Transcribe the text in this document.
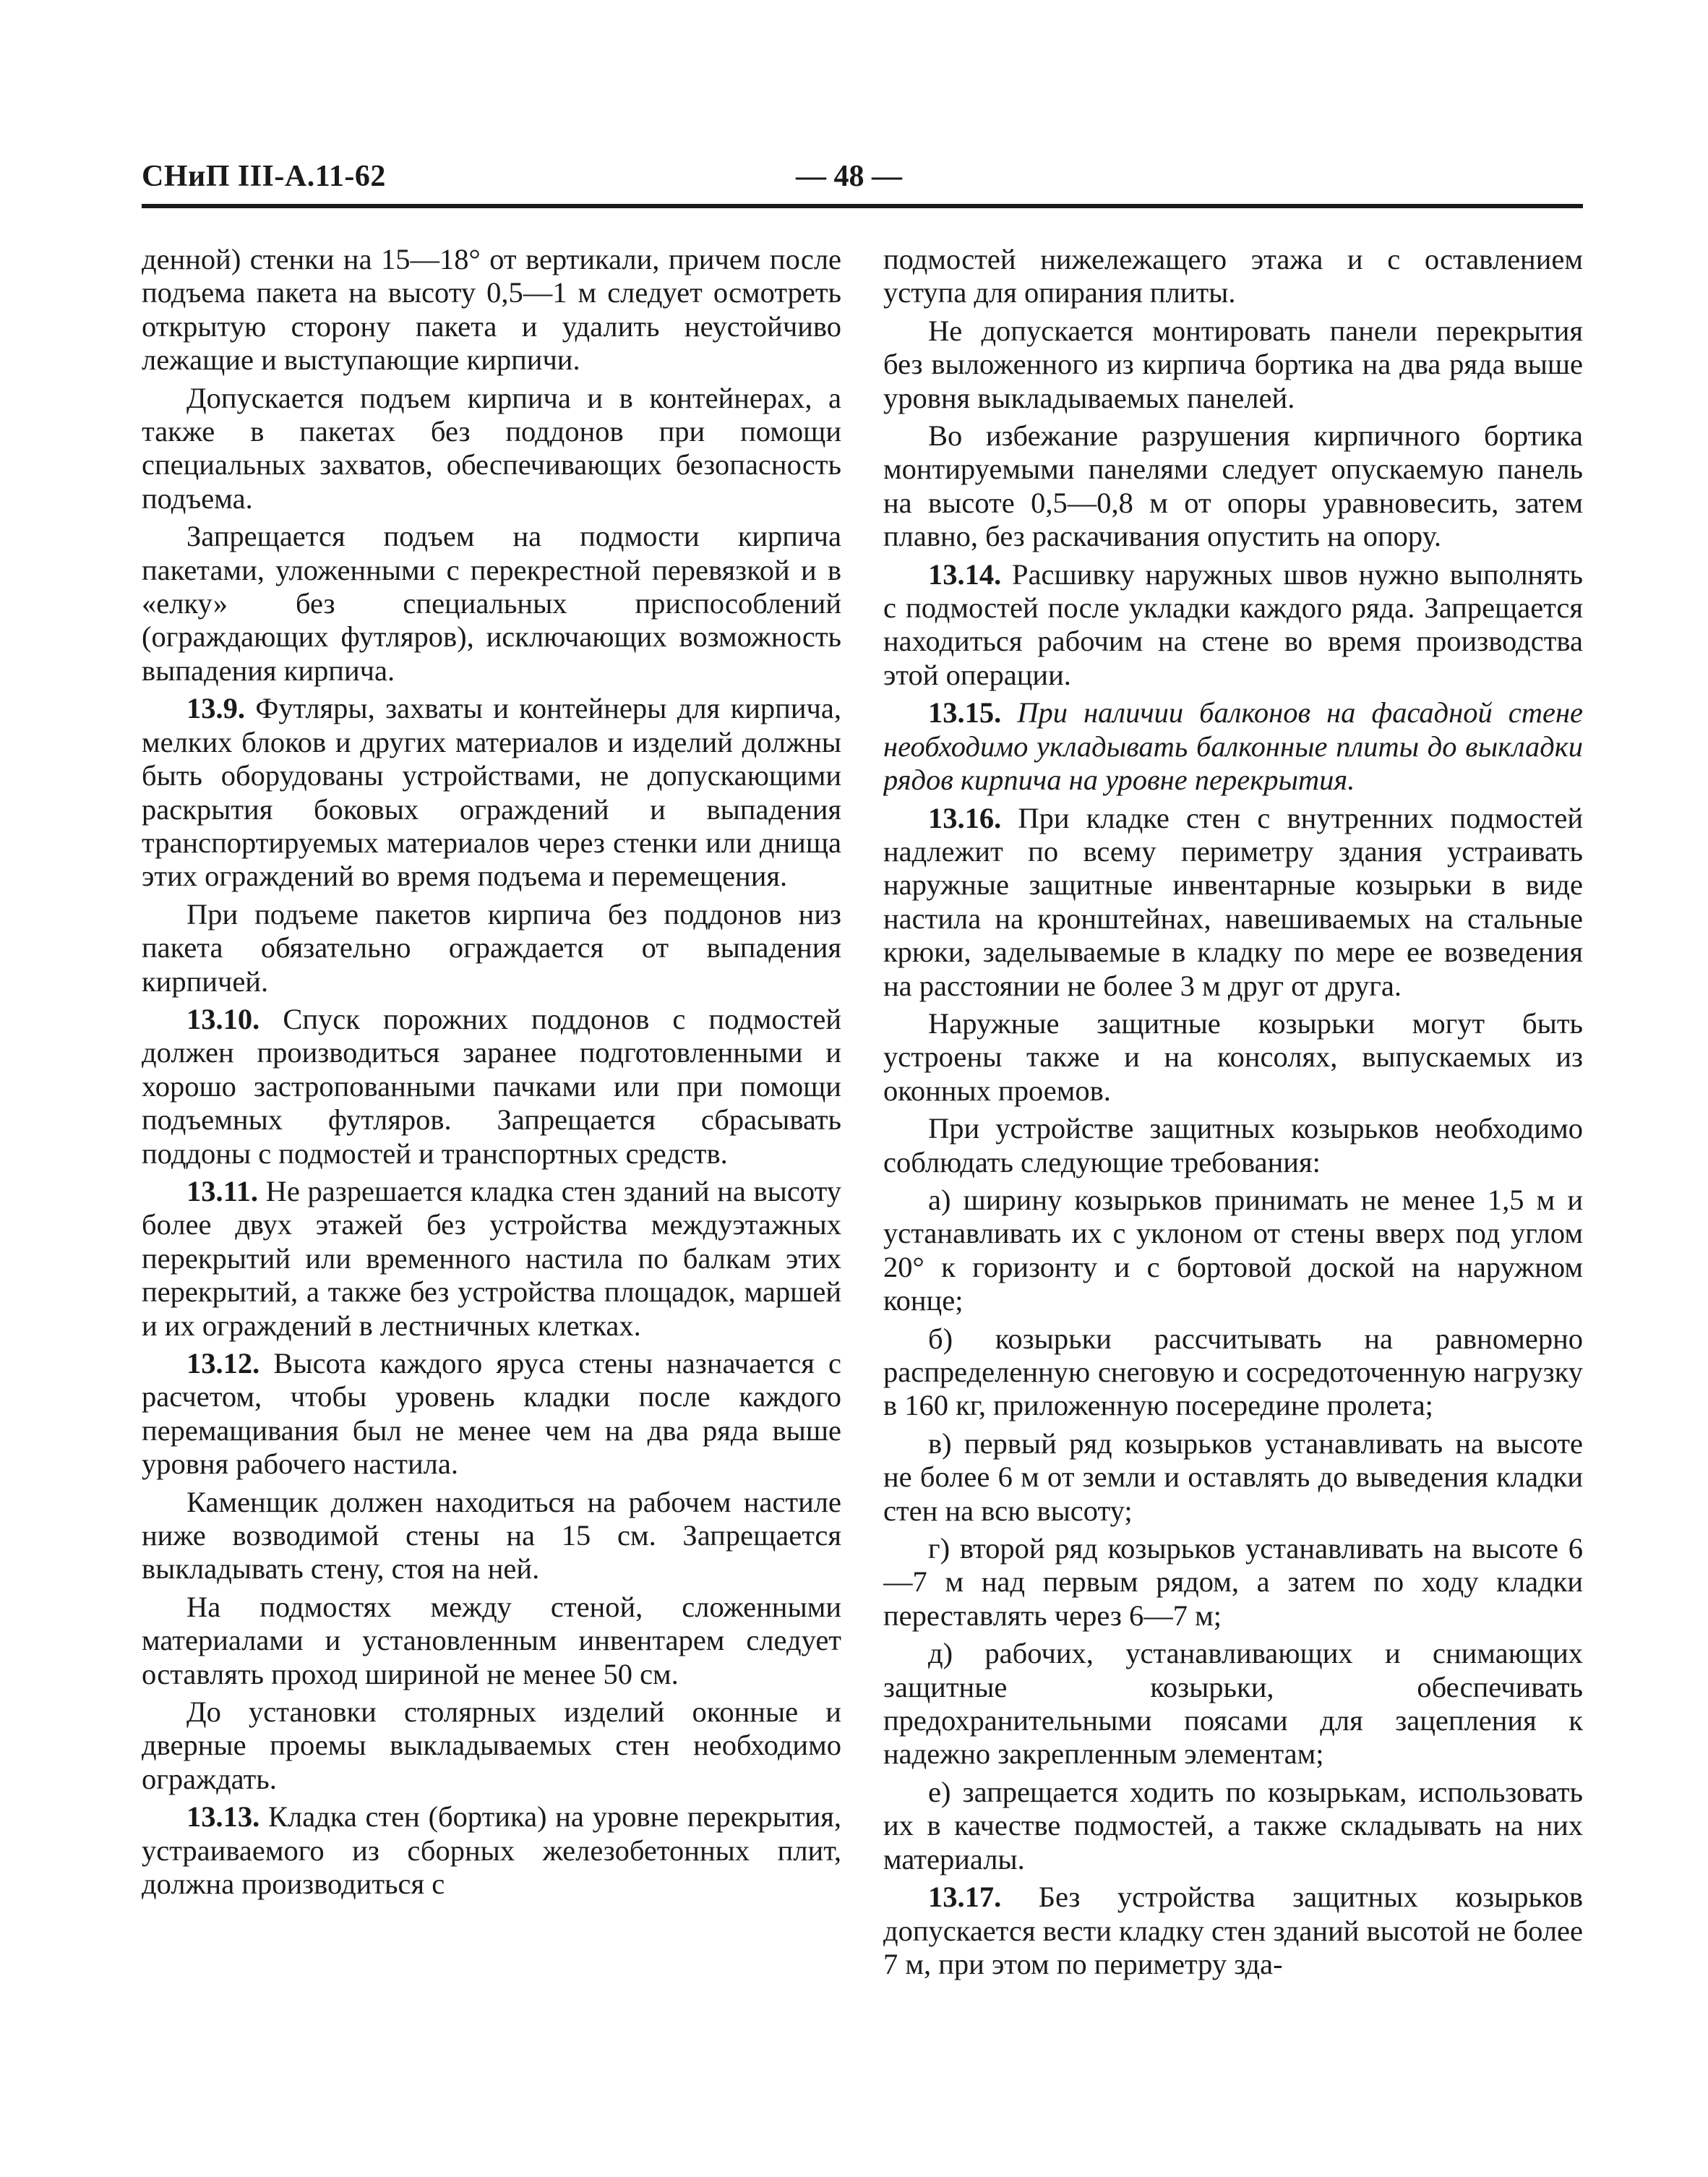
СНиП III-А.11-62	— 48 —

денной) стенки на 15—18° от вертикали, причем после подъема пакета на высоту 0,5—1 м следует осмотреть открытую сторону пакета и удалить неустойчиво лежащие и выступающие кирпичи.

Допускается подъем кирпича и в контейнерах, а также в пакетах без поддонов при помощи специальных захватов, обеспечивающих безопасность подъема.

Запрещается подъем на подмости кирпича пакетами, уложенными с перекрестной перевязкой и в «елку» без специальных приспособлений (ограждающих футляров), исключающих возможность выпадения кирпича.

13.9. Футляры, захваты и контейнеры для кирпича, мелких блоков и других материалов и изделий должны быть оборудованы устройствами, не допускающими раскрытия боковых ограждений и выпадения транспортируемых материалов через стенки или днища этих ограждений во время подъема и перемещения.

При подъеме пакетов кирпича без поддонов низ пакета обязательно ограждается от выпадения кирпичей.

13.10. Спуск порожних поддонов с подмостей должен производиться заранее подготовленными и хорошо застропованными пачками или при помощи подъемных футляров. Запрещается сбрасывать поддоны с подмостей и транспортных средств.

13.11. Не разрешается кладка стен зданий на высоту более двух этажей без устройства междуэтажных перекрытий или временного настила по балкам этих перекрытий, а также без устройства площадок, маршей и их ограждений в лестничных клетках.

13.12. Высота каждого яруса стены назначается с расчетом, чтобы уровень кладки после каждого перемащивания был не менее чем на два ряда выше уровня рабочего настила.

Каменщик должен находиться на рабочем настиле ниже возводимой стены на 15 см. Запрещается выкладывать стену, стоя на ней.

На подмостях между стеной, сложенными материалами и установленным инвентарем следует оставлять проход шириной не менее 50 см.

До установки столярных изделий оконные и дверные проемы выкладываемых стен необходимо ограждать.

13.13. Кладка стен (бортика) на уровне перекрытия, устраиваемого из сборных железобетонных плит, должна производиться с

подмостей нижележащего этажа и с оставлением уступа для опирания плиты.

Не допускается монтировать панели перекрытия без выложенного из кирпича бортика на два ряда выше уровня выкладываемых панелей.

Во избежание разрушения кирпичного бортика монтируемыми панелями следует опускаемую панель на высоте 0,5—0,8 м от опоры уравновесить, затем плавно, без раскачивания опустить на опору.

13.14. Расшивку наружных швов нужно выполнять с подмостей после укладки каждого ряда. Запрещается находиться рабочим на стене во время производства этой операции.

13.15. При наличии балконов на фасадной стене необходимо укладывать балконные плиты до выкладки рядов кирпича на уровне перекрытия.

13.16. При кладке стен с внутренних подмостей надлежит по всему периметру здания устраивать наружные защитные инвентарные козырьки в виде настила на кронштейнах, навешиваемых на стальные крюки, заделываемые в кладку по мере ее возведения на расстоянии не более 3 м друг от друга.

Наружные защитные козырьки могут быть устроены также и на консолях, выпускаемых из оконных проемов.

При устройстве защитных козырьков необходимо соблюдать следующие требования:

а) ширину козырьков принимать не менее 1,5 м и устанавливать их с уклоном от стены вверх под углом 20° к горизонту и с бортовой доской на наружном конце;

б) козырьки рассчитывать на равномерно распределенную снеговую и сосредоточенную нагрузку в 160 кг, приложенную посередине пролета;

в) первый ряд козырьков устанавливать на высоте не более 6 м от земли и оставлять до выведения кладки стен на всю высоту;

г) второй ряд козырьков устанавливать на высоте 6—7 м над первым рядом, а затем по ходу кладки переставлять через 6—7 м;

д) рабочих, устанавливающих и снимающих защитные козырьки, обеспечивать предохранительными поясами для зацепления к надежно закрепленным элементам;

е) запрещается ходить по козырькам, использовать их в качестве подмостей, а также складывать на них материалы.

13.17. Без устройства защитных козырьков допускается вести кладку стен зданий высотой не более 7 м, при этом по периметру зда-
